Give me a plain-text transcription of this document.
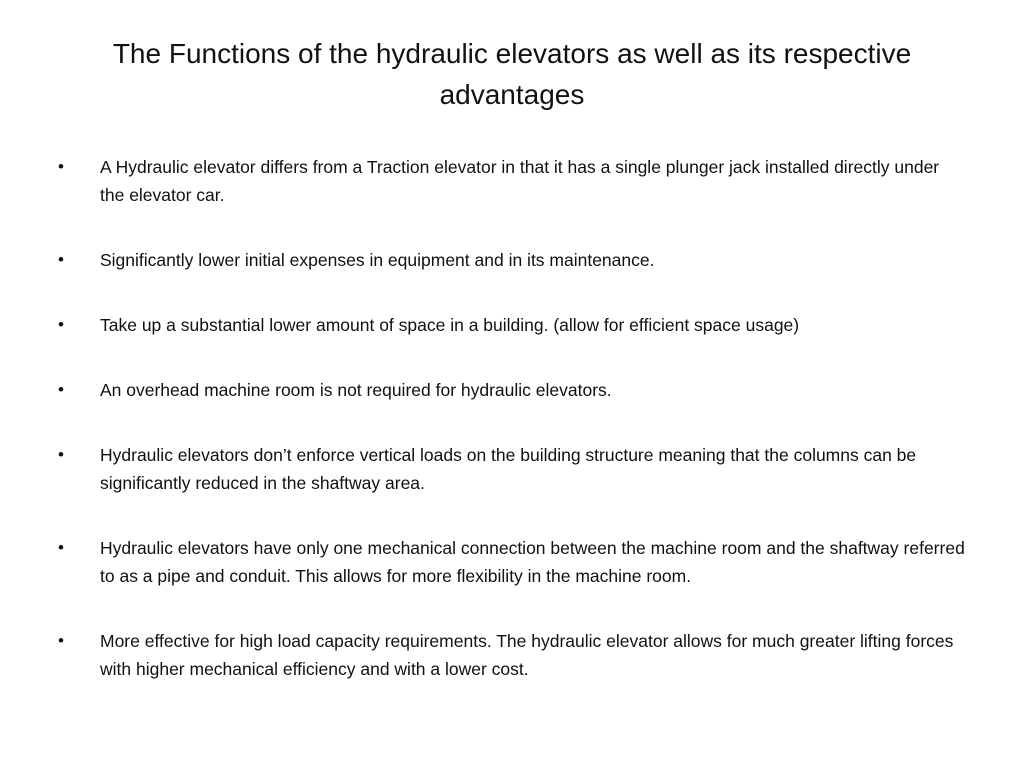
The Functions of the hydraulic elevators as well as its respective advantages
• A Hydraulic elevator differs from a Traction elevator in that it has a single plunger jack installed directly under the elevator car.
• Significantly lower initial expenses in equipment and in its maintenance.
• Take up a substantial lower amount of space in a building. (allow for efficient space usage)
• An overhead machine room is not required for hydraulic elevators.
• Hydraulic elevators don’t enforce vertical loads on the building structure meaning that the columns can be significantly reduced in the shaftway area.
• Hydraulic elevators have only one mechanical connection between the machine room and the shaftway referred to as a pipe and conduit. This allows for more flexibility in the machine room.
• More effective for high load capacity requirements. The hydraulic elevator allows for much greater lifting forces with higher mechanical efficiency and with a lower cost.
